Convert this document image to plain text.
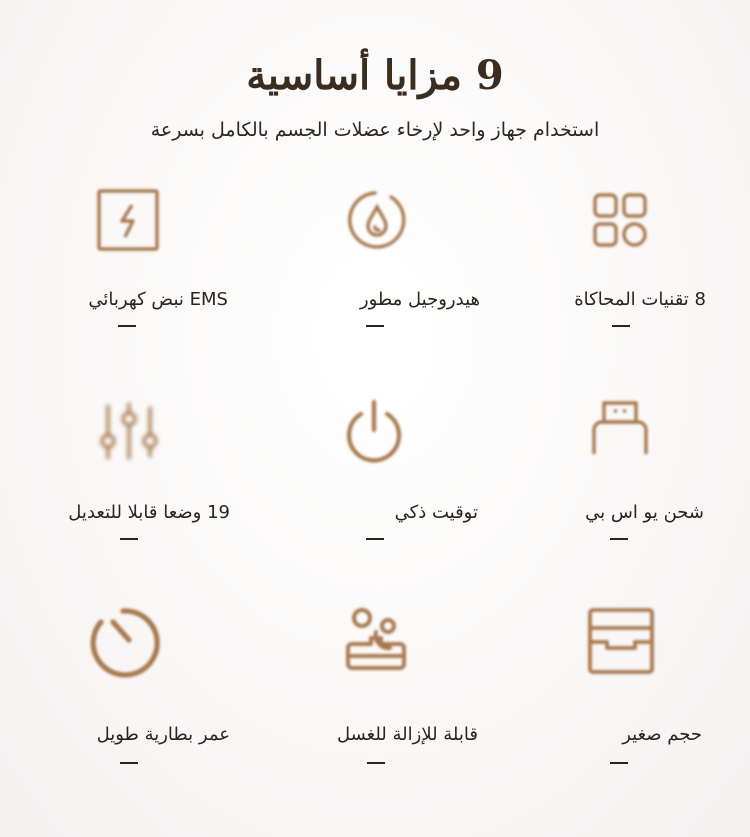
9 مزايا أساسية
استخدام جهاز واحد لإرخاء عضلات الجسم بالكامل بسرعة
8 تقنيات المحاكاة
هيدروجيل مطور
EMS نبض كهربائي
شحن يو اس بي
توقيت ذكي
19 وضعا قابلا للتعديل
حجم صغير
قابلة للإزالة للغسل
عمر بطارية طويل
